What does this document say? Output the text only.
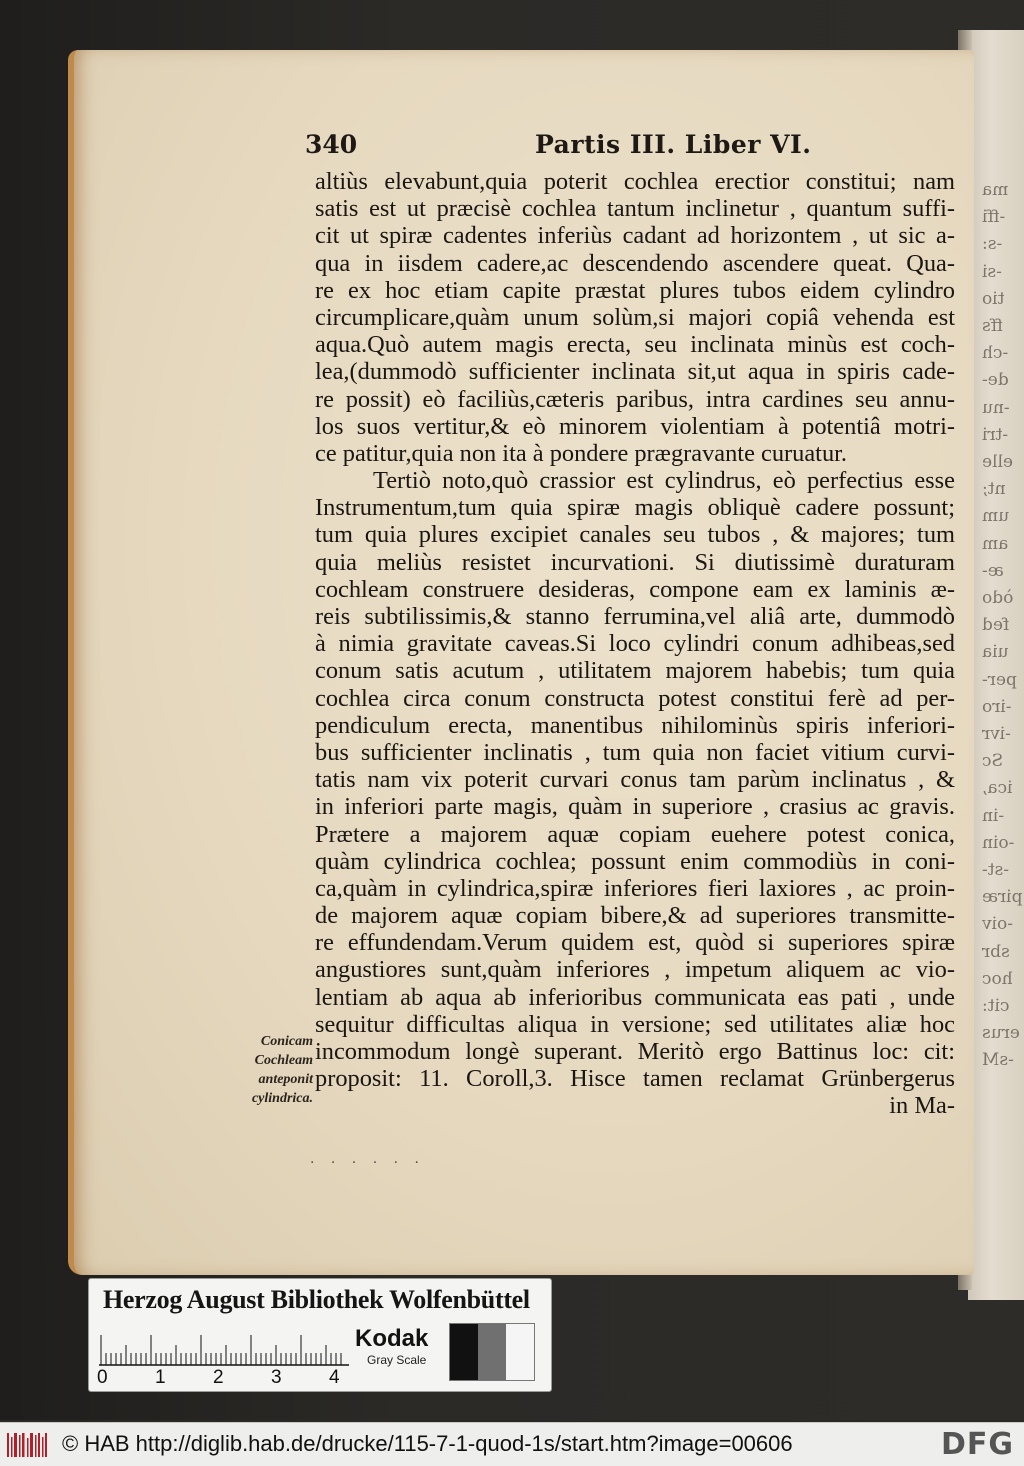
ma
-ffi
-s:
-si
tio
ffs
-ch
de-
-nu
-tri
elle
nt;
um
am
æ-
òdo
fed
uia
per-
-iro
-ivr
Sc
ica,
-in
-oin
-st-
piræ
-oiv
sbr
hoc
cit:
erus
-sM
340	Partis III. Liber VI.
altiùs elevabunt,quia poterit cochlea erectior constitui; nam
satis est ut præcisè cochlea tantum inclinetur , quantum suffi-
cit ut spiræ cadentes inferiùs cadant ad horizontem , ut sic a-
qua in iisdem cadere,ac descendendo ascendere queat. Qua-
re ex hoc etiam capite præstat plures tubos eidem cylindro
circumplicare,quàm unum solùm,si majori copiâ vehenda est
aqua.Quò autem magis erecta, seu inclinata minùs est coch-
lea,(dummodò sufficienter inclinata sit,ut aqua in spiris cade-
re possit) eò faciliùs,cæteris paribus, intra cardines seu annu-
los suos vertitur,& eò minorem violentiam à potentiâ motri-
ce patitur,quia non ita à pondere prægravante curuatur.
Tertiò noto,quò crassior est cylindrus, eò perfectius esse
Instrumentum,tum quia spiræ magis obliquè cadere possunt;
tum quia plures excipiet canales seu tubos , & majores; tum
quia meliùs resistet incurvationi. Si diutissimè duraturam
cochleam construere desideras, compone eam ex laminis æ-
reis subtilissimis,& stanno ferrumina,vel aliâ arte, dummodò
à nimia gravitate caveas.Si loco cylindri conum adhibeas,sed
conum satis acutum , utilitatem majorem habebis; tum quia
cochlea circa conum constructa potest constitui ferè ad per-
pendiculum erecta, manentibus nihilominùs spiris inferiori-
bus sufficienter inclinatis , tum quia non faciet vitium curvi-
tatis nam vix poterit curvari conus tam parùm inclinatus , &
in inferiori parte magis, quàm in superiore , crasius ac gravis.
Prætere a majorem aquæ copiam euehere potest conica,
quàm cylindrica cochlea; possunt enim commodiùs in coni-
ca,quàm in cylindrica,spiræ inferiores fieri laxiores , ac proin-
de majorem aquæ copiam bibere,& ad superiores transmitte-
re effundendam.Verum quidem est, quòd si superiores spiræ
angustiores sunt,quàm inferiores , impetum aliquem ac vio-
lentiam ab aqua ab inferioribus communicata eas pati , unde
sequitur difficultas aliqua in versione; sed utilitates aliæ hoc
incommodum longè superant. Meritò ergo Battinus loc: cit:
proposit: 11. Coroll,3. Hisce tamen reclamat Grünbergerus
in Ma-
Conicam
Cochleam
anteponit
cylindrica.
· · · · · ·
Herzog August Bibliothek Wolfenbüttel
0 1 2 3 4
Kodak
Gray Scale
© HAB http://diglib.hab.de/drucke/115-7-1-quod-1s/start.htm?image=00606	DFG
